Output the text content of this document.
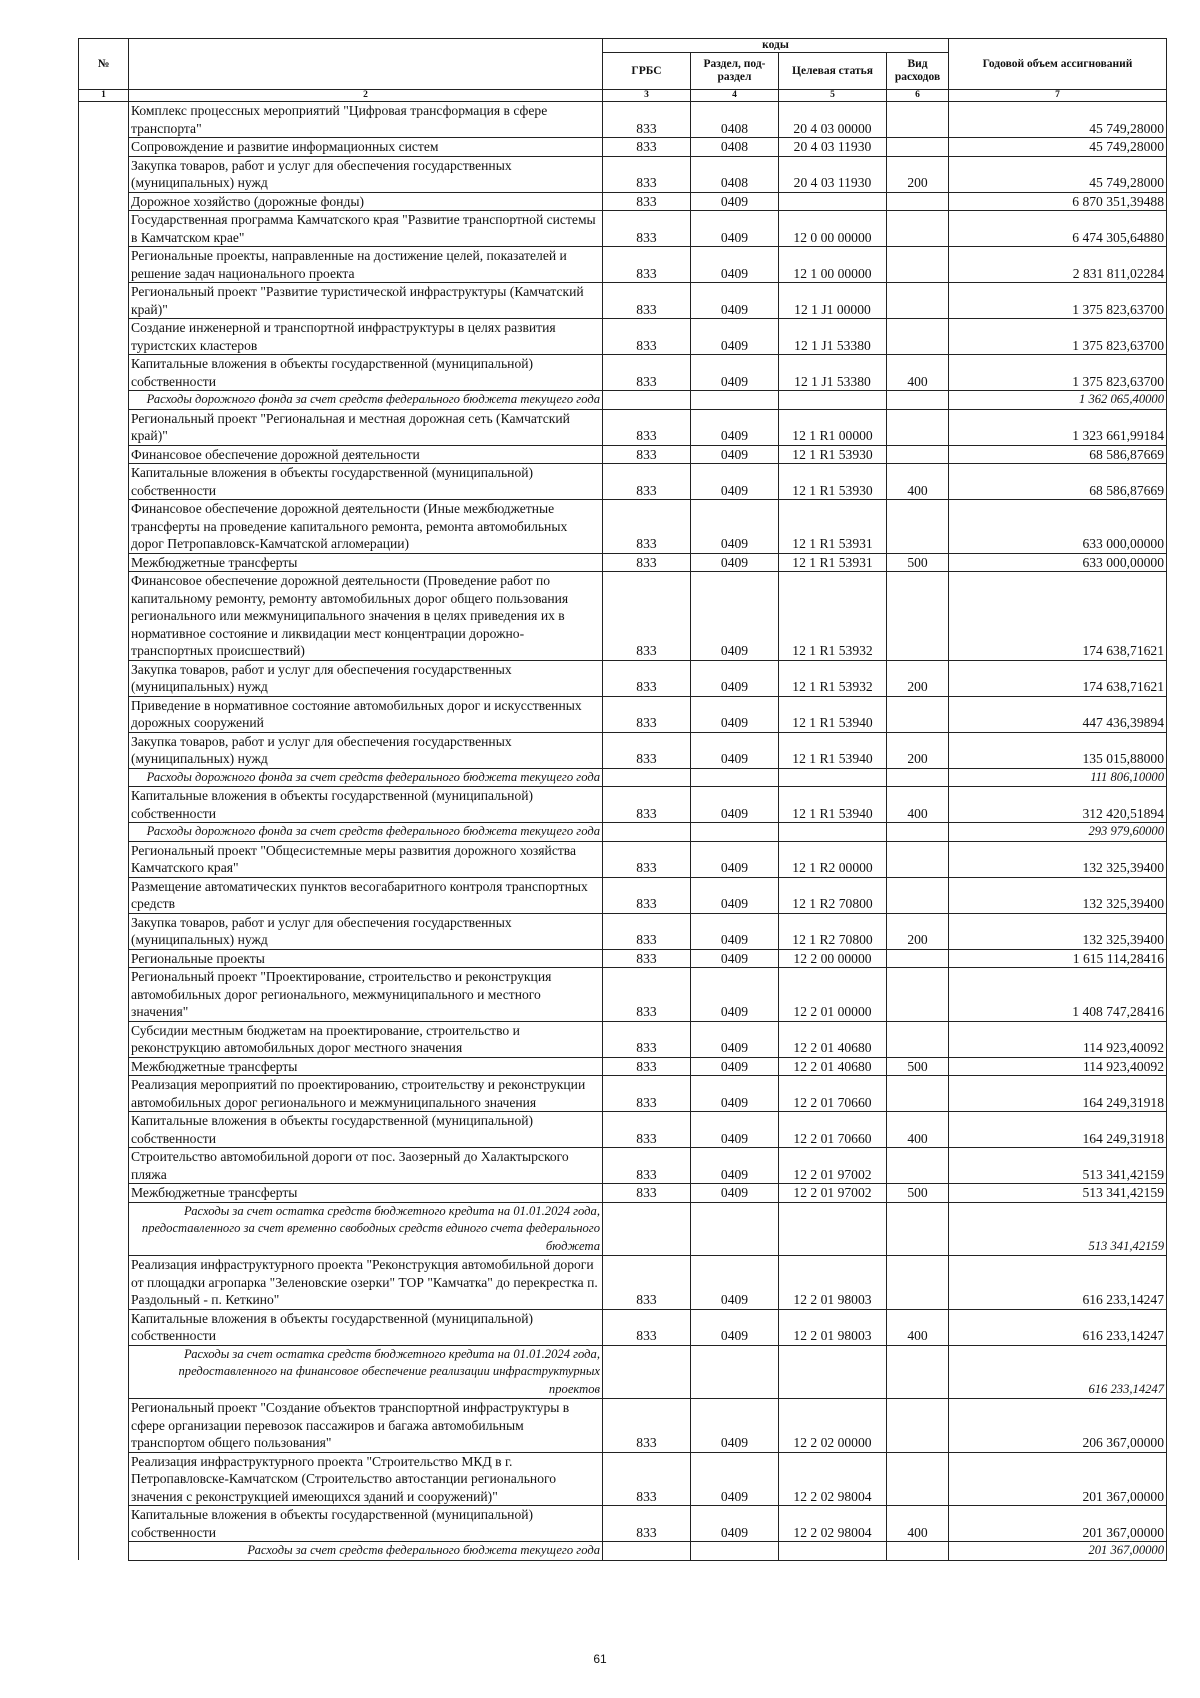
№		коды				Годовой объем ассигнований
		ГРБС	Раздел, под-раздел	Целевая статья	Вид расходов	
1	2	3	4	5	6	7
	Комплекс процессных мероприятий "Цифровая трансформация в сфере транспорта"	833	0408	20 4 03 00000		45 749,28000
	Сопровождение и развитие информационных систем	833	0408	20 4 03 11930		45 749,28000
	Закупка товаров, работ и услуг для обеспечения государственных (муниципальных) нужд	833	0408	20 4 03 11930	200	45 749,28000
	Дорожное хозяйство (дорожные фонды)	833	0409			6 870 351,39488
	Государственная программа Камчатского края "Развитие транспортной системы в Камчатском крае"	833	0409	12 0 00 00000		6 474 305,64880
	Региональные проекты, направленные на достижение целей, показателей и решение задач национального проекта	833	0409	12 1 00 00000		2 831 811,02284
	Региональный проект "Развитие туристической инфраструктуры (Камчатский край)"	833	0409	12 1 J1 00000		1 375 823,63700
	Создание инженерной и транспортной инфраструктуры в целях развития туристских кластеров	833	0409	12 1 J1 53380		1 375 823,63700
	Капитальные вложения в объекты государственной (муниципальной) собственности	833	0409	12 1 J1 53380	400	1 375 823,63700
	Расходы дорожного фонда за счет средств федерального бюджета текущего года					1 362 065,40000
	Региональный проект "Региональная и местная дорожная сеть (Камчатский край)"	833	0409	12 1 R1 00000		1 323 661,99184
	Финансовое обеспечение дорожной деятельности	833	0409	12 1 R1 53930		68 586,87669
	Капитальные вложения в объекты государственной (муниципальной) собственности	833	0409	12 1 R1 53930	400	68 586,87669
	Финансовое обеспечение дорожной деятельности (Иные межбюджетные трансферты на проведение капитального ремонта, ремонта автомобильных дорог Петропавловск-Камчатской агломерации)	833	0409	12 1 R1 53931		633 000,00000
	Межбюджетные трансферты	833	0409	12 1 R1 53931	500	633 000,00000
	Финансовое обеспечение дорожной деятельности (Проведение работ по капитальному ремонту, ремонту автомобильных дорог общего пользования регионального или межмуниципального значения в целях приведения их в нормативное состояние и ликвидации мест концентрации дорожно-транспортных происшествий)	833	0409	12 1 R1 53932		174 638,71621
	Закупка товаров, работ и услуг для обеспечения государственных (муниципальных) нужд	833	0409	12 1 R1 53932	200	174 638,71621
	Приведение в нормативное состояние автомобильных дорог и искусственных дорожных сооружений	833	0409	12 1 R1 53940		447 436,39894
	Закупка товаров, работ и услуг для обеспечения государственных (муниципальных) нужд	833	0409	12 1 R1 53940	200	135 015,88000
	Расходы дорожного фонда за счет средств федерального бюджета текущего года					111 806,10000
	Капитальные вложения в объекты государственной (муниципальной) собственности	833	0409	12 1 R1 53940	400	312 420,51894
	Расходы дорожного фонда за счет средств федерального бюджета текущего года					293 979,60000
	Региональный проект "Общесистемные меры развития дорожного хозяйства Камчатского края"	833	0409	12 1 R2 00000		132 325,39400
	Размещение автоматических пунктов весогабаритного контроля транспортных средств	833	0409	12 1 R2 70800		132 325,39400
	Закупка товаров, работ и услуг для обеспечения государственных (муниципальных) нужд	833	0409	12 1 R2 70800	200	132 325,39400
	Региональные проекты	833	0409	12 2 00 00000		1 615 114,28416
	Региональный проект "Проектирование, строительство и реконструкция автомобильных дорог регионального, межмуниципального и местного значения"	833	0409	12 2 01 00000		1 408 747,28416
	Субсидии местным бюджетам на проектирование, строительство и реконструкцию автомобильных дорог местного значения	833	0409	12 2 01 40680		114 923,40092
	Межбюджетные трансферты	833	0409	12 2 01 40680	500	114 923,40092
	Реализация мероприятий по проектированию, строительству и реконструкции автомобильных дорог регионального и межмуниципального значения	833	0409	12 2 01 70660		164 249,31918
	Капитальные вложения в объекты государственной (муниципальной) собственности	833	0409	12 2 01 70660	400	164 249,31918
	Строительство автомобильной дороги от пос. Заозерный до Халактырского пляжа	833	0409	12 2 01 97002		513 341,42159
	Межбюджетные трансферты	833	0409	12 2 01 97002	500	513 341,42159
	Расходы за счет остатка средств бюджетного кредита на 01.01.2024 года, предоставленного за счет временно свободных средств единого счета федерального бюджета					513 341,42159
	Реализация инфраструктурного проекта "Реконструкция автомобильной дороги от площадки агропарка "Зеленовские озерки" ТОР "Камчатка" до перекрестка п. Раздольный - п. Кеткино"	833	0409	12 2 01 98003		616 233,14247
	Капитальные вложения в объекты государственной (муниципальной) собственности	833	0409	12 2 01 98003	400	616 233,14247
	Расходы за счет остатка средств бюджетного кредита на 01.01.2024 года, предоставленного на финансовое обеспечение реализации инфраструктурных проектов					616 233,14247
	Региональный проект "Создание объектов транспортной инфраструктуры в сфере организации перевозок пассажиров и багажа автомобильным транспортом общего пользования"	833	0409	12 2 02 00000		206 367,00000
	Реализация инфраструктурного проекта "Строительство МКД в г. Петропавловске-Камчатском (Строительство автостанции регионального значения с реконструкцией имеющихся зданий и сооружений)"	833	0409	12 2 02 98004		201 367,00000
	Капитальные вложения в объекты государственной (муниципальной) собственности	833	0409	12 2 02 98004	400	201 367,00000
	Расходы за счет средств федерального бюджета текущего года					201 367,00000
61
